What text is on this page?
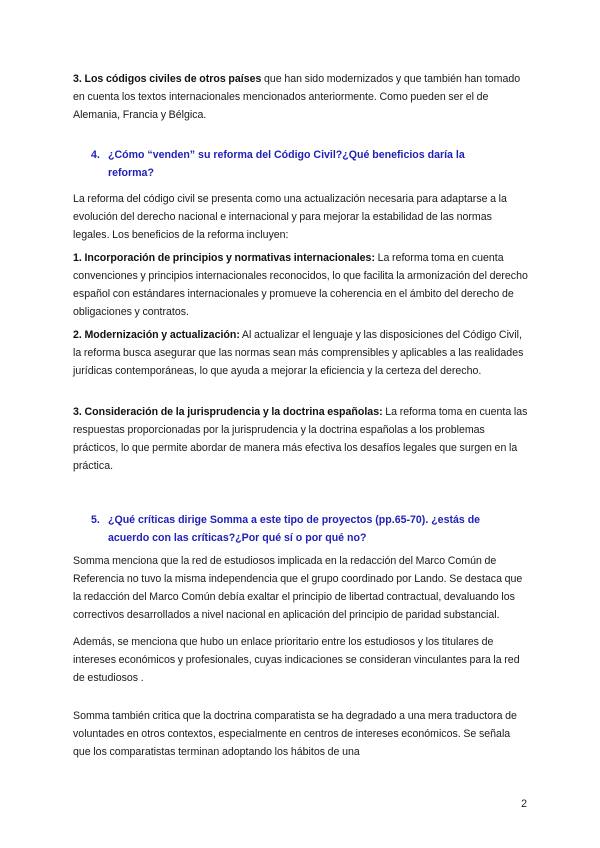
3. Los códigos civiles de otros países que han sido modernizados y que también han tomado en cuenta los textos internacionales mencionados anteriormente. Como pueden ser el de Alemania, Francia y Bélgica.

4. ¿Cómo “venden” su reforma del Código Civil?¿Qué beneficios daría la
reforma?

La reforma del código civil se presenta como una actualización necesaria para adaptarse a la evolución del derecho nacional e internacional y para mejorar la estabilidad de las normas legales. Los beneficios de la reforma incluyen:

1. Incorporación de principios y normativas internacionales: La reforma toma en cuenta convenciones y principios internacionales reconocidos, lo que facilita la armonización del derecho español con estándares internacionales y promueve la coherencia en el ámbito del derecho de obligaciones y contratos.

2. Modernización y actualización: Al actualizar el lenguaje y las disposiciones del Código Civil, la reforma busca asegurar que las normas sean más comprensibles y aplicables a las realidades jurídicas contemporáneas, lo que ayuda a mejorar la eficiencia y la certeza del derecho.

3. Consideración de la jurisprudencia y la doctrina españolas: La reforma toma en cuenta las respuestas proporcionadas por la jurisprudencia y la doctrina españolas a los problemas prácticos, lo que permite abordar de manera más efectiva los desafíos legales que surgen en la práctica.

5. ¿Qué críticas dirige Somma a este tipo de proyectos (pp.65-70). ¿estás de
acuerdo con las críticas?¿Por qué sí o por qué no?

Somma menciona que la red de estudiosos implicada en la redacción del Marco Común de Referencia no tuvo la misma independencia que el grupo coordinado por Lando. Se destaca que la redacción del Marco Común debía exaltar el principio de libertad contractual, devaluando los correctivos desarrollados a nivel nacional en aplicación del principio de paridad substancial.

Además, se menciona que hubo un enlace prioritario entre los estudiosos y los titulares de intereses económicos y profesionales, cuyas indicaciones se consideran vinculantes para la red de estudiosos .

Somma también critica que la doctrina comparatista se ha degradado a una mera traductora de voluntades en otros contextos, especialmente en centros de intereses económicos. Se señala que los comparatistas terminan adoptando los hábitos de una

2
